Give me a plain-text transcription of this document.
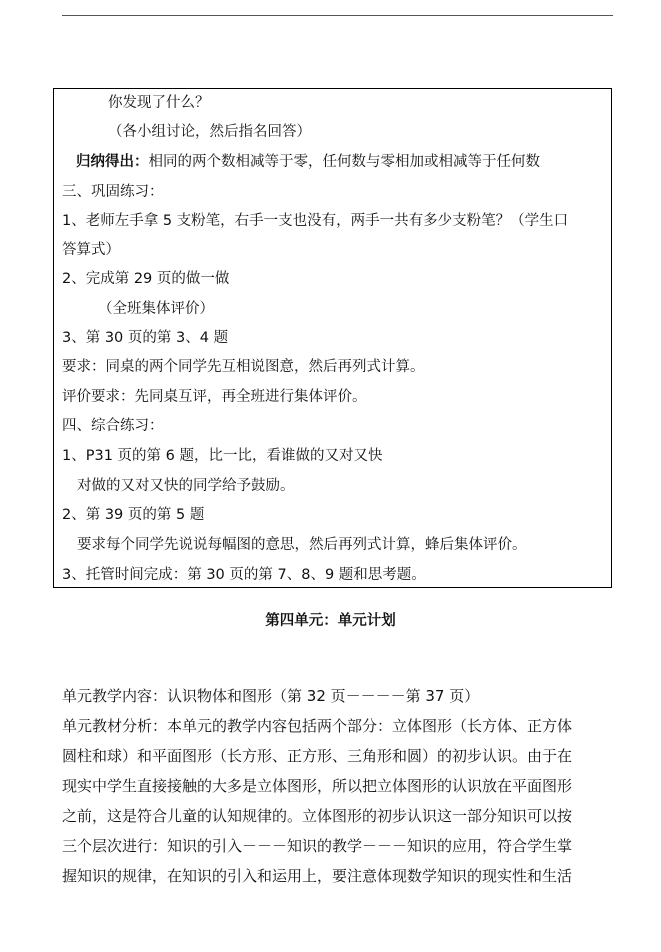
你发现了什么？
（各小组讨论，然后指名回答）
归纳得出：相同的两个数相减等于零，任何数与零相加或相减等于任何数
三、巩固练习：
1、老师左手拿 5 支粉笔，右手一支也没有，两手一共有多少支粉笔？（学生口
答算式）
2、完成第 29 页的做一做
（全班集体评价）
3、第 30 页的第 3、4 题
要求：同桌的两个同学先互相说图意，然后再列式计算。
评价要求：先同桌互评，再全班进行集体评价。
四、综合练习：
1、P31 页的第 6 题，比一比，看谁做的又对又快
对做的又对又快的同学给予鼓励。
2、第 39 页的第 5 题
要求每个同学先说说每幅图的意思，然后再列式计算，蜂后集体评价。
3、托管时间完成：第 30 页的第 7、8、9 题和思考题。
第四单元：单元计划
单元教学内容：认识物体和图形（第 32 页－－－－第 37 页）
单元教材分析：本单元的教学内容包括两个部分：立体图形（长方体、正方体
圆柱和球）和平面图形（长方形、正方形、三角形和圆）的初步认识。由于在
现实中学生直接接触的大多是立体图形，所以把立体图形的认识放在平面图形
之前，这是符合儿童的认知规律的。立体图形的初步认识这一部分知识可以按
三个层次进行：知识的引入－－－知识的教学－－－知识的应用，符合学生掌
握知识的规律，在知识的引入和运用上，要注意体现数学知识的现实性和生活
